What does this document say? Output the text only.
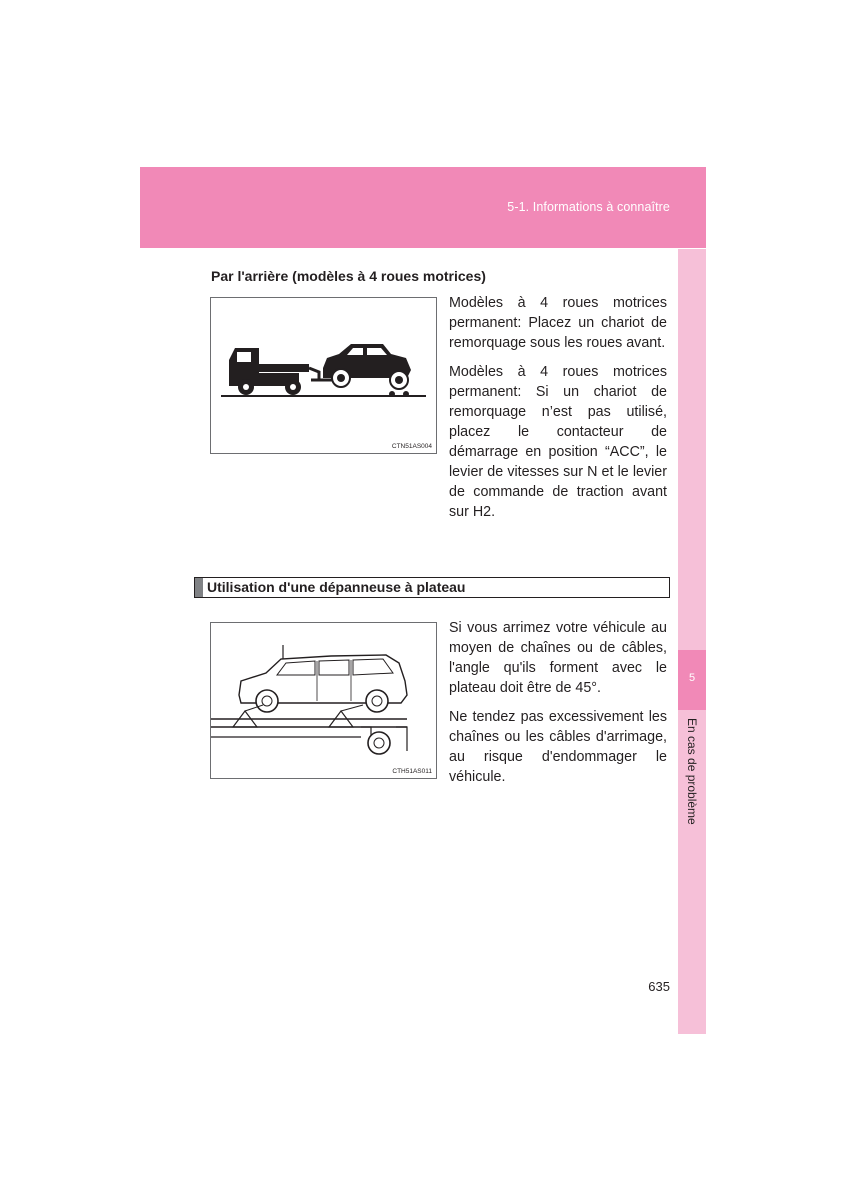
5-1. Informations à connaître
5
En cas de problème
Par l'arrière (modèles à 4 roues motrices)
CTN51AS004

Modèles à 4 roues motrices permanent: Placez un chariot de remorquage sous les roues avant.

Modèles à 4 roues motrices permanent: Si un chariot de remorquage n’est pas utilisé, placez le contacteur de démarrage en position “ACC”, le levier de vitesses sur N et le levier de commande de traction avant sur H2.

Utilisation d'une dépanneuse à plateau
CTH51AS011

Si vous arrimez votre véhicule au moyen de chaînes ou de câbles, l'angle qu'ils forment avec le plateau doit être de 45°.

Ne tendez pas excessivement les chaînes ou les câbles d'arrimage, au risque d'endommager le véhicule.

635
